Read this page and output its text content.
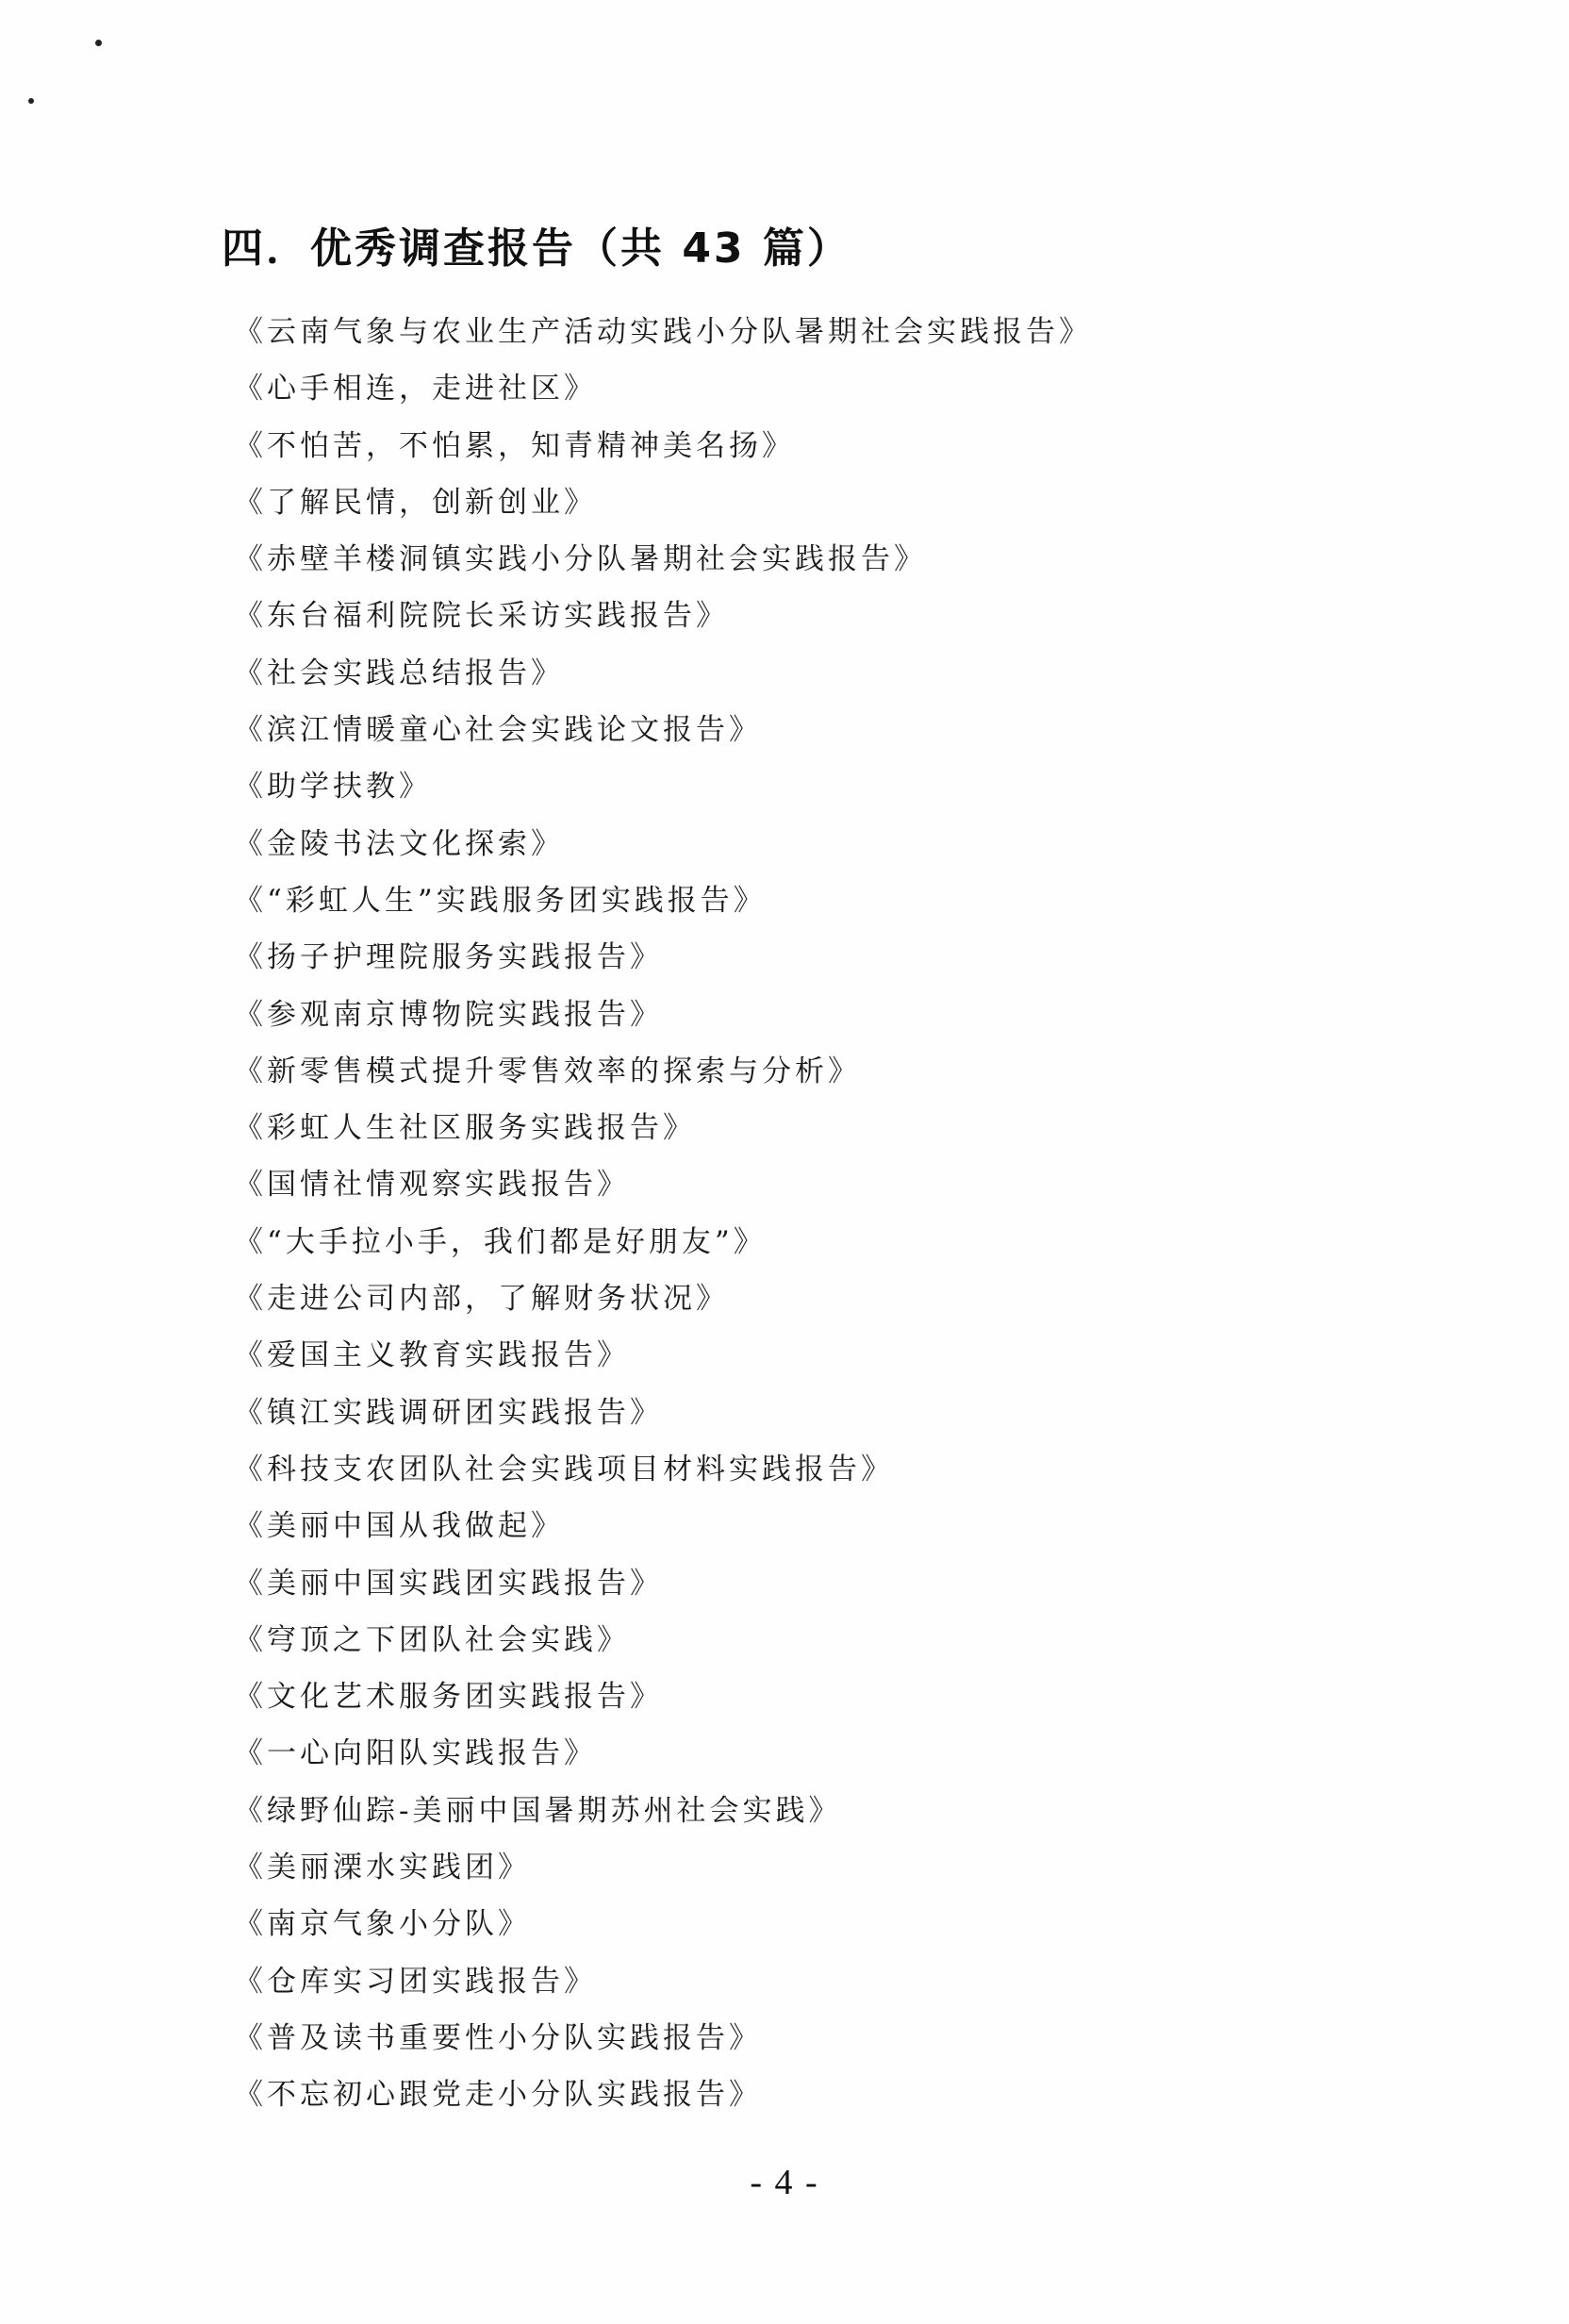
四．优秀调查报告（共 43 篇）
《云南气象与农业生产活动实践小分队暑期社会实践报告》
《心手相连，走进社区》
《不怕苦，不怕累，知青精神美名扬》
《了解民情，创新创业》
《赤壁羊楼洞镇实践小分队暑期社会实践报告》
《东台福利院院长采访实践报告》
《社会实践总结报告》
《滨江情暖童心社会实践论文报告》
《助学扶教》
《金陵书法文化探索》
《“彩虹人生”实践服务团实践报告》
《扬子护理院服务实践报告》
《参观南京博物院实践报告》
《新零售模式提升零售效率的探索与分析》
《彩虹人生社区服务实践报告》
《国情社情观察实践报告》
《“大手拉小手，我们都是好朋友”》
《走进公司内部，了解财务状况》
《爱国主义教育实践报告》
《镇江实践调研团实践报告》
《科技支农团队社会实践项目材料实践报告》
《美丽中国从我做起》
《美丽中国实践团实践报告》
《穹顶之下团队社会实践》
《文化艺术服务团实践报告》
《一心向阳队实践报告》
《绿野仙踪-美丽中国暑期苏州社会实践》
《美丽溧水实践团》
《南京气象小分队》
《仓库实习团实践报告》
《普及读书重要性小分队实践报告》
《不忘初心跟党走小分队实践报告》
- 4 -
